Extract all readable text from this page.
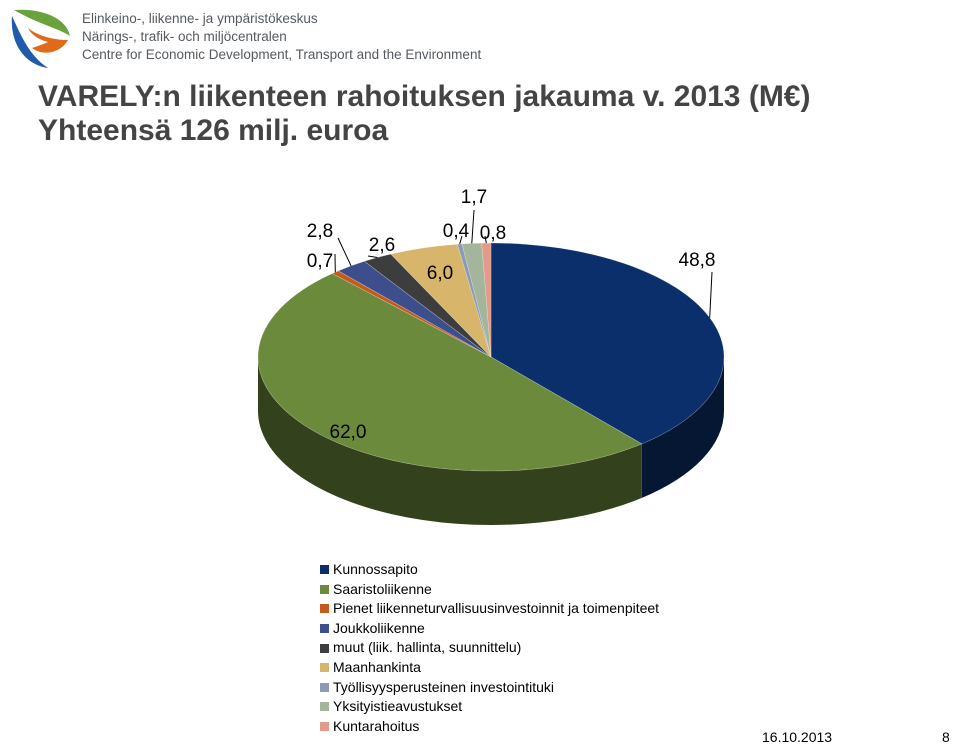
Elinkeino-, liikenne- ja ympäristökeskus
Närings-, trafik- och miljöcentralen
Centre for Economic Development, Transport and the Environment
VARELY:n liikenteen rahoituksen jakauma v. 2013 (M€)
Yhteensä 126 milj. euroa
48,8
62,0
0,7
2,8
2,6
6,0
0,4
1,7
0,8
Kunnossapito
Saaristoliikenne
Pienet liikenneturvallisuusinvestoinnit ja toimenpiteet
Joukkoliikenne
muut (liik. hallinta, suunnittelu)
Maanhankinta
Työllisyysperusteinen investointituki
Yksityistieavustukset
Kuntarahoitus
16.10.2013	8
